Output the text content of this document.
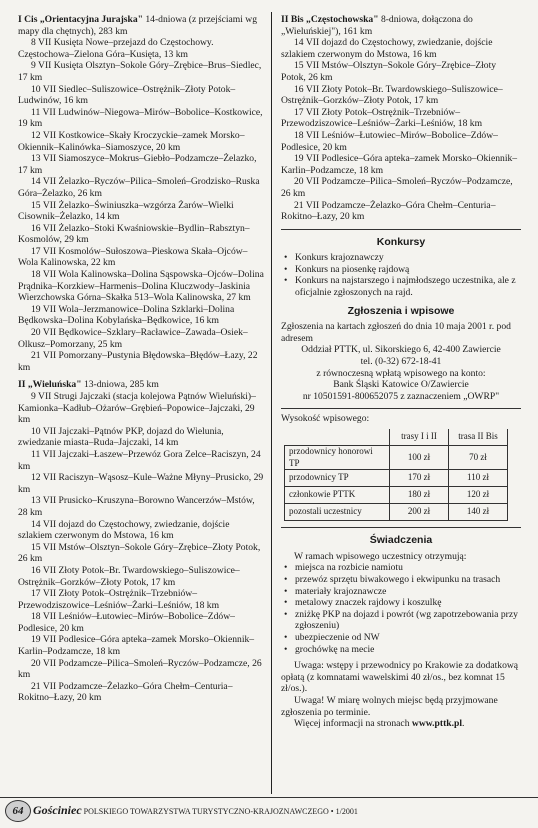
I Cis „Orientacyjna Jurajska" 14-dniowa (z przejściami wg mapy dla chętnych), 283 km

8 VII Kusięta Nowe–przejazd do Częstochowy. Częstochowa–Zielona Góra–Kusięta, 13 km

9 VII Kusięta Olsztyn–Sokole Góry–Zrębice–Brus–Siedlec, 17 km

10 VII Siedlec–Suliszowice–Ostrężnik–Złoty Potok–Ludwinów, 16 km

11 VII Ludwinów–Niegowa–Mirów–Bobolice–Kostkowice, 19 km

12 VII Kostkowice–Skały Kroczyckie–zamek Morsko–Okiennik–Kalinówka–Siamoszyce, 20 km

13 VII Siamoszyce–Mokrus–Giebło–Podzamcze–Żelazko, 17 km

14 VII Żelazko–Ryczów–Pilica–Smoleń–Grodzisko–Ruska Góra–Żelazko, 26 km

15 VII Żelazko–Świniuszka–wzgórza Żarów–Wielki Cisownik–Żelazko, 14 km

16 VII Żelazko–Stoki Kwaśniowskie–Bydlin–Rabsztyn–Kosmolów, 29 km

17 VII Kosmolów–Sułoszowa–Pieskowa Skała–Ojców–Wola Kalinowska, 22 km

18 VII Wola Kalinowska–Dolina Sąspowska–Ojców–Dolina Prądnika–Korzkiew–Harmenis–Dolina Kluczwody–Jaskinia Wierzchowska Górna–Skałka 513–Wola Kalinowska, 27 km

19 VII Wola–Jerzmanowice–Dolina Szklarki–Dolina Będkowska–Dolina Kobylańska–Będkowice, 16 km

20 VII Będkowice–Szklary–Racławice–Zawada–Osiek–Olkusz–Pomorzany, 25 km

21 VII Pomorzany–Pustynia Błędowska–Błędów–Łazy, 22 km

II „Wieluńska" 13-dniowa, 285 km

9 VII Strugi Jajczaki (stacja kolejowa Pątnów Wieluński)–Kamionka–Kadłub–Ożarów–Grębień–Popowice–Jajczaki, 29 km

10 VII Jajczaki–Pątnów PKP, dojazd do Wielunia, zwiedzanie miasta–Ruda–Jajczaki, 14 km

11 VII Jajczaki–Łaszew–Przewóz Gora Zelce–Raciszyn, 24 km

12 VII Raciszyn–Wąsosz–Kule–Ważne Młyny–Prusicko, 29 km

13 VII Prusicko–Kruszyna–Borowno Wancerzów–Mstów, 28 km

14 VII dojazd do Częstochowy, zwiedzanie, dojście szlakiem czerwonym do Mstowa, 16 km

15 VII Mstów–Olsztyn–Sokole Góry–Zrębice–Złoty Potok, 26 km

16 VII Złoty Potok–Br. Twardowskiego–Suliszowice–Ostrężnik–Gorzków–Złoty Potok, 17 km

17 VII Złoty Potok–Ostrężnik–Trzebniów–Przewodziszowice–Leśniów–Żarki–Leśniów, 18 km

18 VII Leśniów–Łutowiec–Mirów–Bobolice–Zdów–Podlesice, 20 km

19 VII Podlesice–Góra apteka–zamek Morsko–Okiennik–Karlin–Podzamcze, 18 km

20 VII Podzamcze–Pilica–Smoleń–Ryczów–Podzamcze, 26 km

21 VII Podzamcze–Żelazko–Góra Chełm–Centuria–Rokitno–Łazy, 20 km

II Bis „Częstochowska" 8-dniowa, dołączona do „Wieluńskiej"), 161 km

14 VII dojazd do Częstochowy, zwiedzanie, dojście szlakiem czerwonym do Mstowa, 16 km

15 VII Mstów–Olsztyn–Sokole Góry–Zrębice–Złoty Potok, 26 km

16 VII Złoty Potok–Br. Twardowskiego–Suliszowice–Ostrężnik–Gorzków–Złoty Potok, 17 km

17 VII Złoty Potok–Ostrężnik–Trzebniów–Przewodziszowice–Leśniów–Żarki–Leśniów, 18 km

18 VII Leśniów–Łutowiec–Mirów–Bobolice–Zdów–Podlesice, 20 km

19 VII Podlesice–Góra apteka–zamek Morsko–Okiennik–Karlin–Podzamcze, 18 km

20 VII Podzamcze–Pilica–Smoleń–Ryczów–Podzamcze, 26 km

21 VII Podzamcze–Żelazko–Góra Chełm–Centuria–Rokitno–Łazy, 20 km

Konkursy
• Konkurs krajoznawczy
• Konkurs na piosenkę rajdową
• Konkurs na najstarszego i najmłodszego uczestnika, ale z oficjalnie zgłoszonych na rajd.
Zgłoszenia i wpisowe

Zgłoszenia na kartach zgłoszeń do dnia 10 maja 2001 r. pod adresem

Oddział PTTK, ul. Sikorskiego 6, 42-400 Zawiercie

tel. (0-32) 672-18-41

z równoczesną wpłatą wpisowego na konto:

Bank Śląski Katowice O/Zawiercie

nr 10501591-800652075 z zaznaczeniem „OWRP"

Wysokość wpisowego:

	trasy I i II	trasa II Bis
przodownicy honorowi TP	100 zł	70 zł
przodownicy TP	170 zł	110 zł
członkowie PTTK	180 zł	120 zł
pozostali uczestnicy	200 zł	140 zł
Świadczenia

W ramach wpisowego uczestnicy otrzymują:

• miejsca na rozbicie namiotu
• przewóz sprzętu biwakowego i ekwipunku na trasach
• materiały krajoznawcze
• metalowy znaczek rajdowy i koszulkę
• zniżkę PKP na dojazd i powrót (wg zapotrzebowania przy zgłoszeniu)
• ubezpieczenie od NW
• grochówkę na mecie

Uwaga: wstępy i przewodnicy po Krakowie za dodatkową opłatą (z komnatami wawelskimi 40 zł/os., bez komnat 15 zł/os.).

Uwaga! W miarę wolnych miejsc będą przyjmowane zgłoszenia po terminie.

Więcej informacji na stronach www.pttk.pl.

64 Gościniec POLSKIEGO TOWARZYSTWA TURYSTYCZNO-KRAJOZNAWCZEGO • 1/2001
